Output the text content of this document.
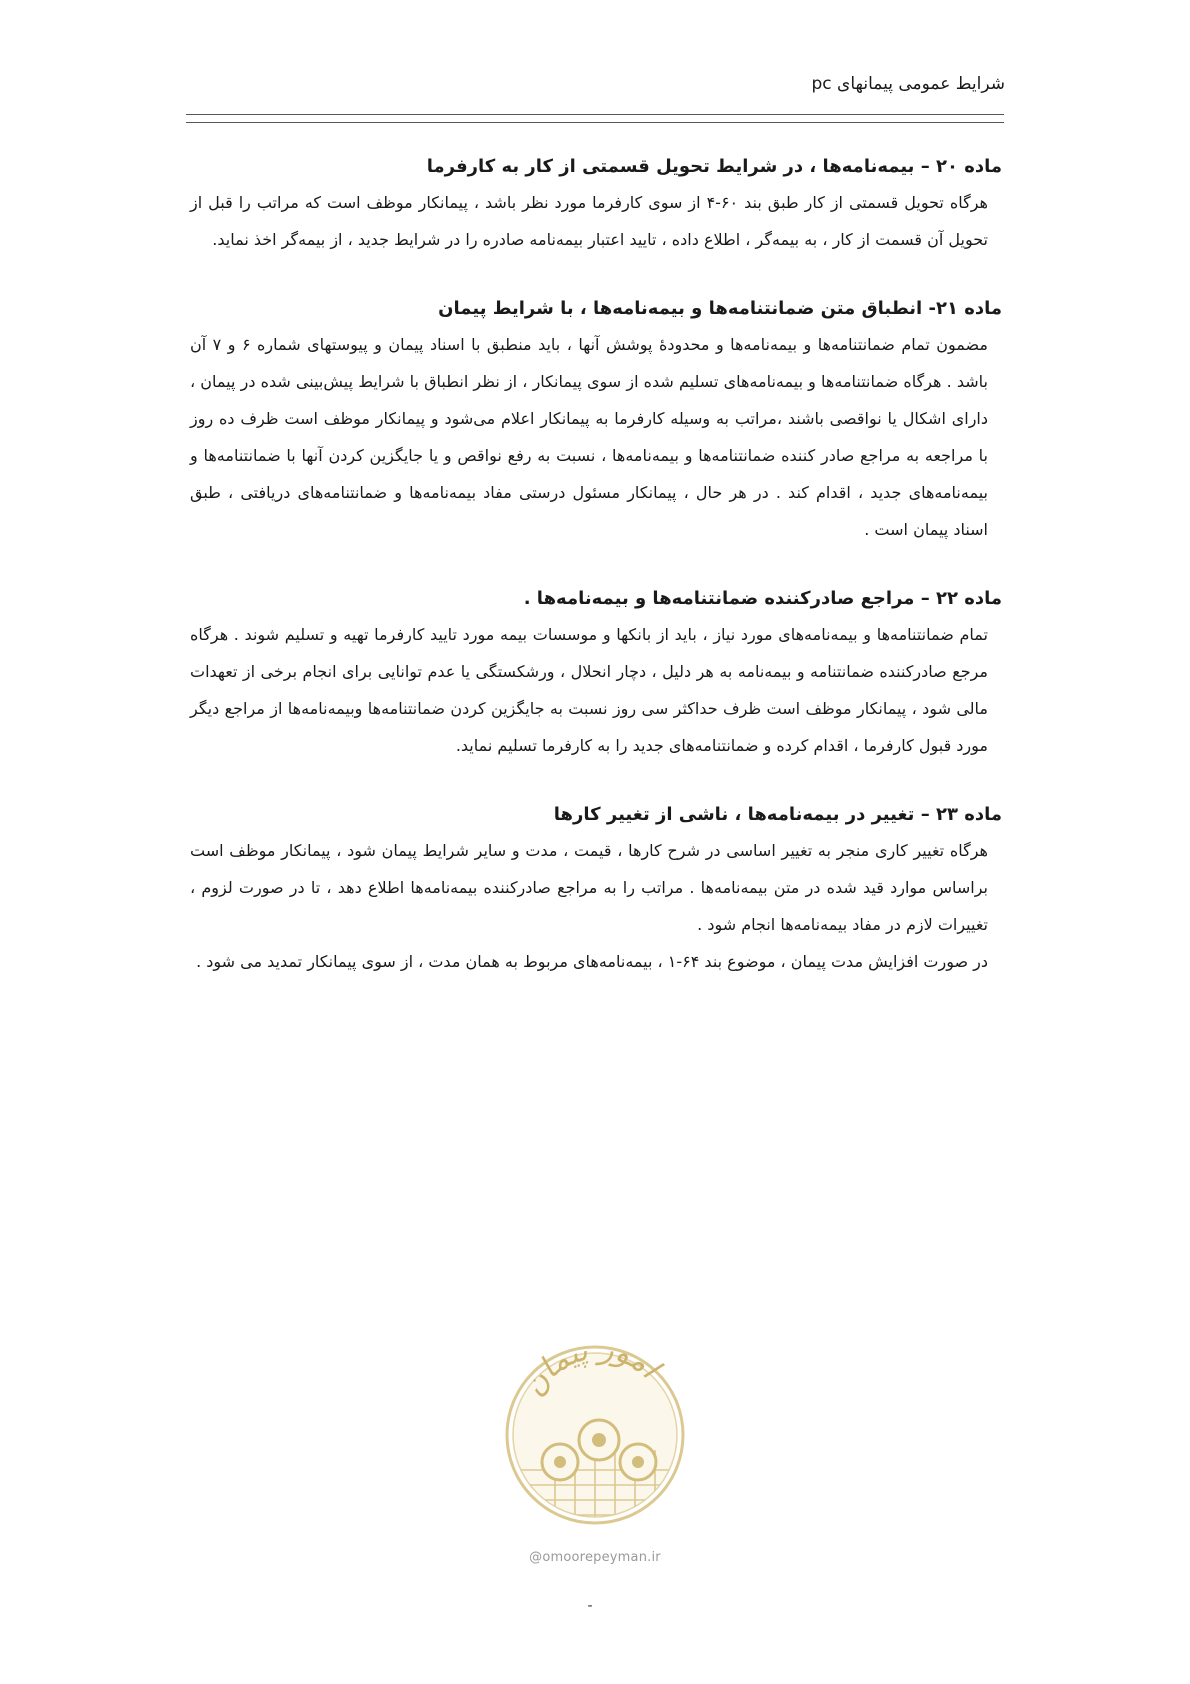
شرایط عمومی پیمانهای pc

ماده ۲۰ – بیمه‌نامه‌ها ، در شرایط تحویل قسمتی از کار به کارفرما

هرگاه تحویل قسمتی از کار طبق بند ۶۰-۴ از سوی کارفرما مورد نظر باشد ، پیمانکار موظف است که مراتب را قبل از تحویل آن قسمت از کار ، به بیمه‌گر ، اطلاع داده ، تایید اعتبار بیمه‌نامه صادره را در شرایط جدید ، از بیمه‌گر اخذ نماید.

ماده ۲۱- انطباق متن ضمانتنامه‌ها و بیمه‌نامه‌ها ، با شرایط پیمان

مضمون تمام ضمانتنامه‌ها و بیمه‌نامه‌ها و محدودهٔ پوشش آنها ، باید منطبق با اسناد پیمان و پیوستهای شماره ۶ و ۷ آن باشد . هرگاه ضمانتنامه‌ها و بیمه‌نامه‌های تسلیم شده از سوی پیمانکار ، از نظر انطباق با شرایط پیش‌بینی شده در پیمان ، دارای اشکال یا نواقصی باشند ،مراتب به وسیله کارفرما به پیمانکار اعلام می‌شود و پیمانکار موظف است ظرف ده روز با مراجعه به مراجع صادر کننده ضمانتنامه‌ها و بیمه‌نامه‌ها ، نسبت به رفع نواقص و یا جایگزین کردن آنها با ضمانتنامه‌ها و بیمه‌نامه‌های جدید ، اقدام کند . در هر حال ، پیمانکار مسئول درستی مفاد بیمه‌نامه‌ها و ضمانتنامه‌های دریافتی ، طبق اسناد پیمان است .

ماده ۲۲ – مراجع صادرکننده ضمانتنامه‌ها و بیمه‌نامه‌ها .

تمام ضمانتنامه‌ها و بیمه‌نامه‌های مورد نیاز ، باید از بانکها و موسسات بیمه مورد تایید کارفرما تهیه و تسلیم شوند . هرگاه مرجع صادرکننده ضمانتنامه و بیمه‌نامه به هر دلیل ، دچار انحلال ، ورشکستگی یا عدم توانایی برای انجام برخی از تعهدات مالی شود ، پیمانکار موظف است ظرف حداکثر سی روز نسبت به جایگزین کردن ضمانتنامه‌ها وبیمه‌نامه‌ها از مراجع دیگر مورد قبول کارفرما ، اقدام کرده و ضمانتنامه‌های جدید را به کارفرما تسلیم نماید.

ماده ۲۳ – تغییر در بیمه‌نامه‌ها ، ناشی از تغییر کارها

هرگاه تغییر کاری منجر به تغییر اساسی در شرح کارها ، قیمت ، مدت و سایر شرایط پیمان شود ، پیمانکار موظف است براساس موارد قید شده در متن بیمه‌نامه‌ها . مراتب را به مراجع صادرکننده بیمه‌نامه‌ها اطلاع دهد ، تا در صورت لزوم ، تغییرات لازم در مفاد بیمه‌نامه‌ها انجام شود .

در صورت افزایش مدت پیمان ، موضوع بند ۶۴-۱ ، بیمه‌نامه‌های مربوط به همان مدت ، از سوی پیمانکار تمدید می شود .

امور پیمان
@omoorepeyman.ir
-
